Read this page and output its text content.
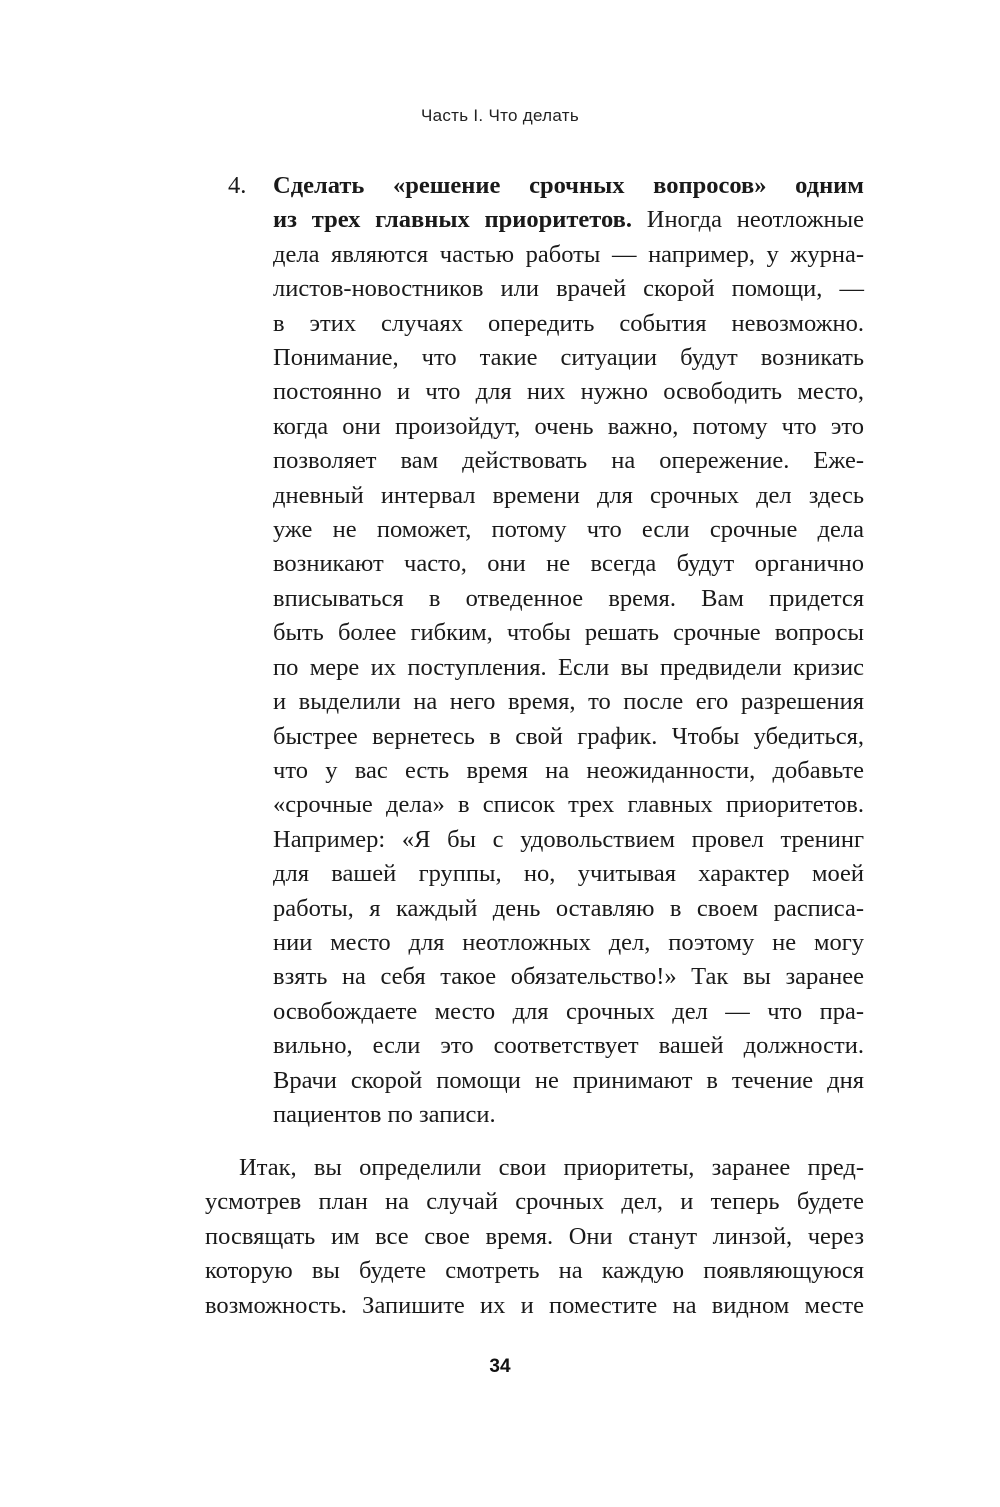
Часть I. Что делать
4. Сделать «решение срочных вопросов» одним
из трех главных приоритетов. Иногда неотложные
дела являются частью работы — например, у журна-
листов-новостников или врачей скорой помощи, —
в этих случаях опередить события невозможно.
Понимание, что такие ситуации будут возникать
постоянно и что для них нужно освободить место,
когда они произойдут, очень важно, потому что это
позволяет вам действовать на опережение. Еже-
дневный интервал времени для срочных дел здесь
уже не поможет, потому что если срочные дела
возникают часто, они не всегда будут органично
вписываться в отведенное время. Вам придется
быть более гибким, чтобы решать срочные вопросы
по мере их поступления. Если вы предвидели кризис
и выделили на него время, то после его разрешения
быстрее вернетесь в свой график. Чтобы убедиться,
что у вас есть время на неожиданности, добавьте
«срочные дела» в список трех главных приоритетов.
Например: «Я бы с удовольствием провел тренинг
для вашей группы, но, учитывая характер моей
работы, я каждый день оставляю в своем расписа-
нии место для неотложных дел, поэтому не могу
взять на себя такое обязательство!» Так вы заранее
освобождаете место для срочных дел — что пра-
вильно, если это соответствует вашей должности.
Врачи скорой помощи не принимают в течение дня
пациентов по записи.
Итак, вы определили свои приоритеты, заранее пред-
усмотрев план на случай срочных дел, и теперь будете
посвящать им все свое время. Они станут линзой, через
которую вы будете смотреть на каждую появляющуюся
возможность. Запишите их и поместите на видном месте
34
